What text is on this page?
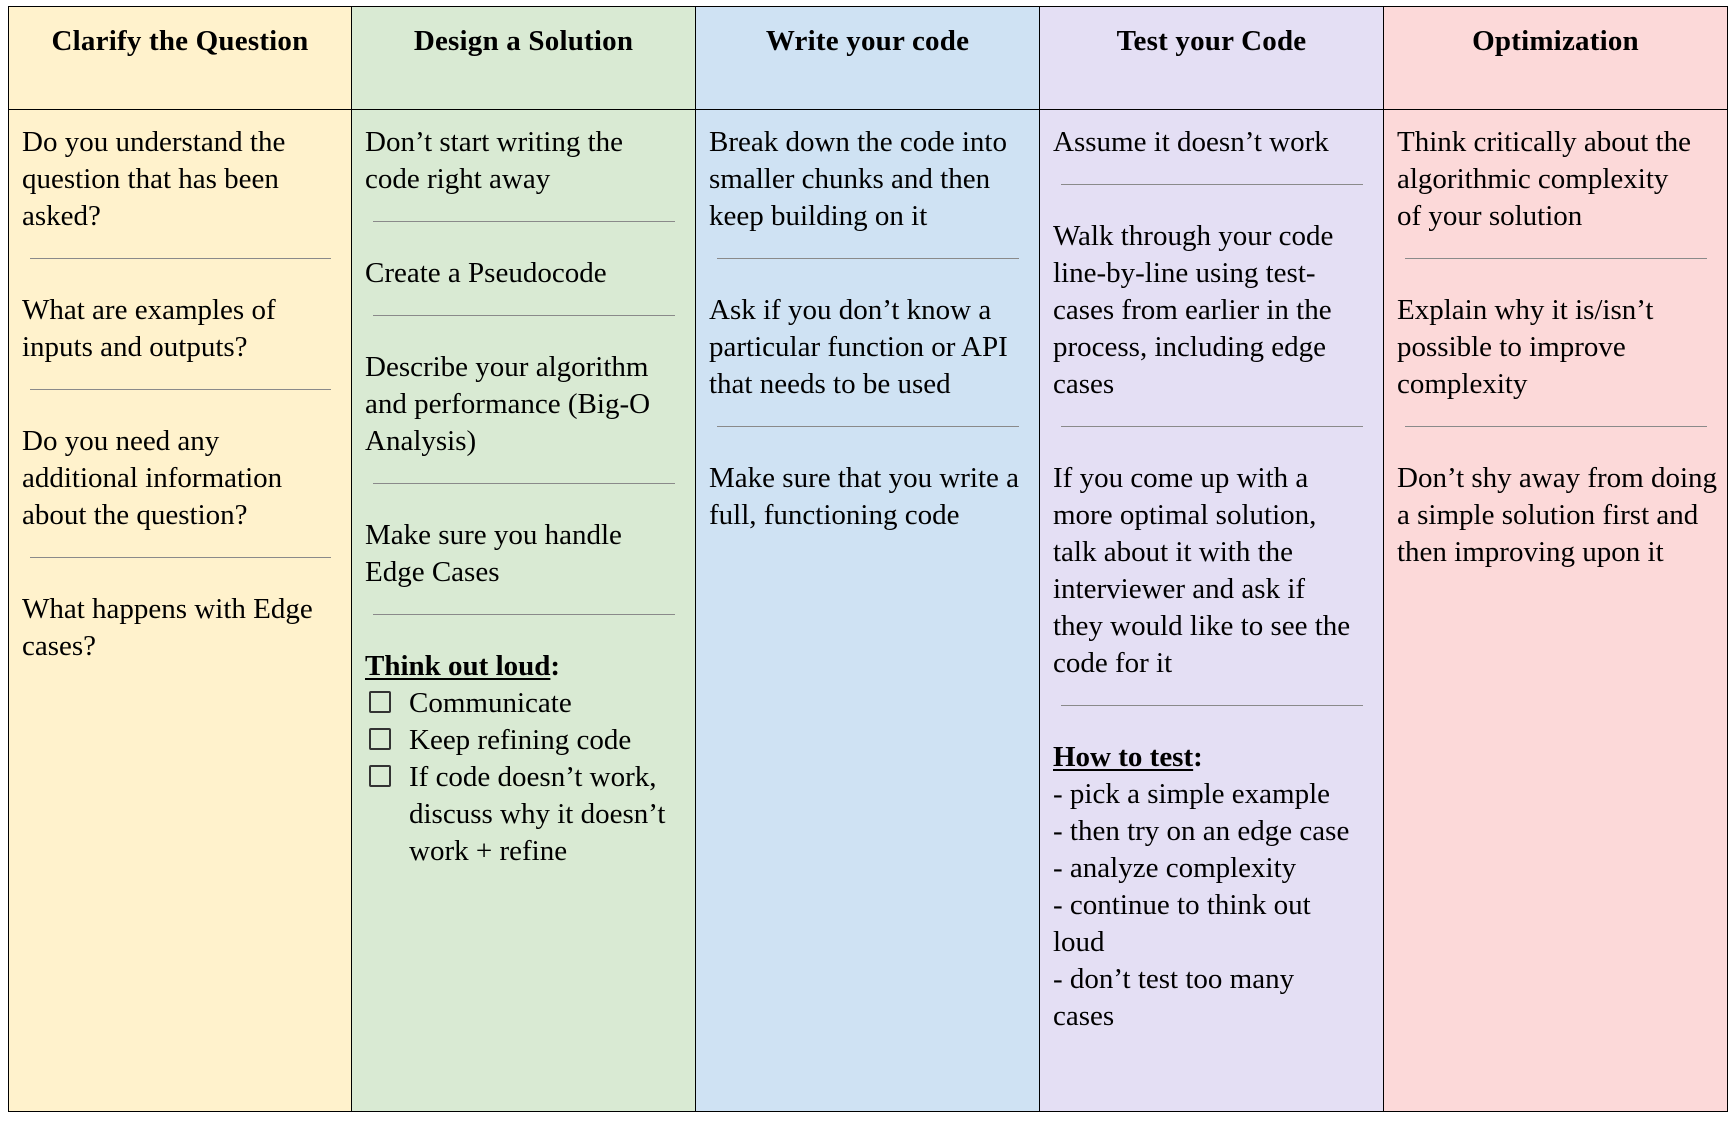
Clarify the Question

Do you understand the question that has been asked?

What are examples of inputs and outputs?

Do you need any additional information about the question?

What happens with Edge cases?

Design a Solution

Don’t start writing the code right away

Create a Pseudocode

Describe your algorithm and performance (Big-O Analysis)

Make sure you handle Edge Cases

Think out loud:
Communicate
Keep refining code
If code doesn’t work, discuss why it doesn’t work + refine
Write your code

Break down the code into smaller chunks and then keep building on it

Ask if you don’t know a particular function or API that needs to be used

Make sure that you write a full, functioning code

Test your Code

Assume it doesn’t work

Walk through your code line-by-line using test-cases from earlier in the process, including edge cases

If you come up with a more optimal solution, talk about it with the interviewer and ask if they would like to see the code for it

How to test:
- pick a simple example
- then try on an edge case
- analyze complexity
- continue to think out loud
- don’t test too many cases
Optimization

Think critically about the algorithmic complexity of your solution

Explain why it is/isn’t possible to improve complexity

Don’t shy away from doing a simple solution first and then improving upon it
